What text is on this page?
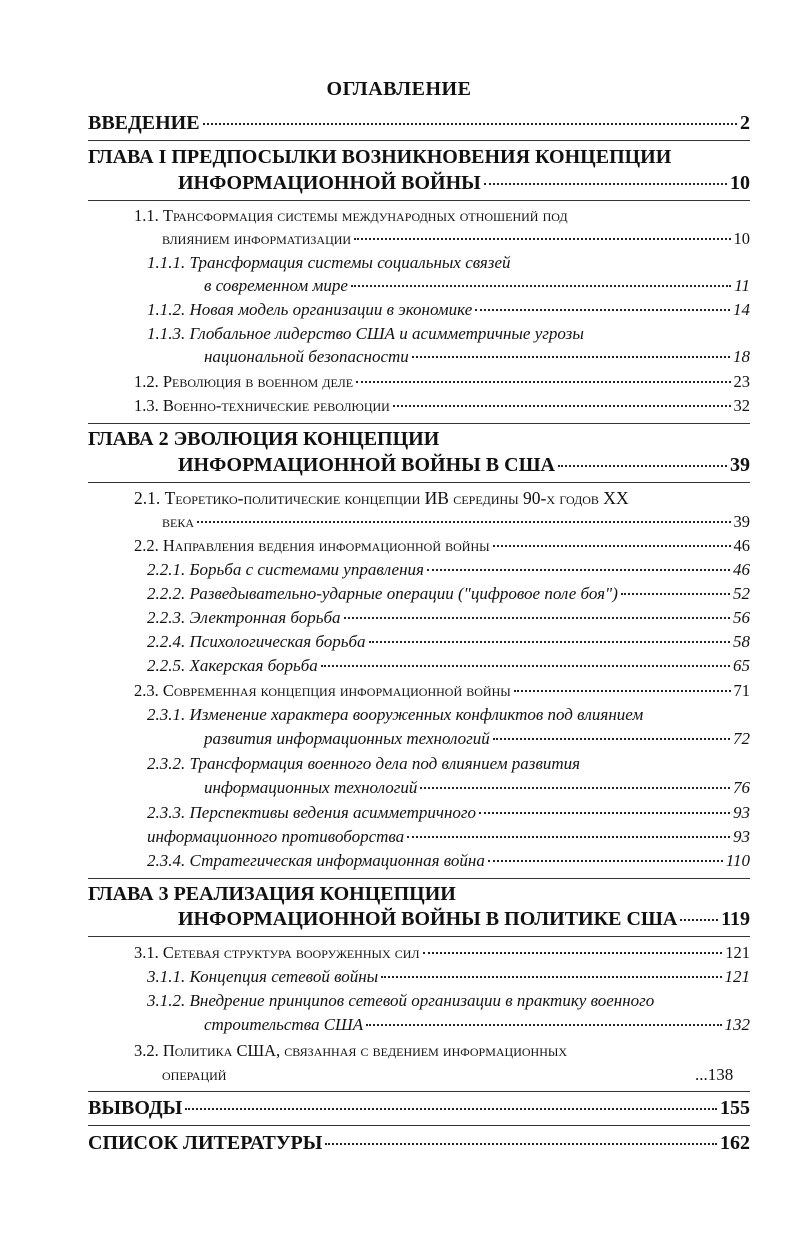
ОГЛАВЛЕНИЕ
ВВЕДЕНИЕ	2
ГЛАВА I ПРЕДПОСЫЛКИ ВОЗНИКНОВЕНИЯ КОНЦЕПЦИИ
ИНФОРМАЦИОННОЙ ВОЙНЫ	10
1.1. Трансформация системы международных отношений под
влиянием информатизации	10
1.1.1. Трансформация системы социальных связей
в современном мире	11
1.1.2. Новая модель организации в экономике	14
1.1.3. Глобальное лидерство США и асимметричные угрозы
национальной безопасности	18
1.2. Революция в военном деле	23
1.3. Военно-технические революции	32
ГЛАВА 2 ЭВОЛЮЦИЯ КОНЦЕПЦИИ
ИНФОРМАЦИОННОЙ ВОЙНЫ В США	39
2.1. Теоретико-политические концепции ИВ середины 90-х годов XX
века	39
2.2. Направления ведения информационной войны	46
2.2.1. Борьба с системами управления	46
2.2.2. Разведывательно-ударные операции ("цифровое поле боя")	52
2.2.3. Электронная борьба	56
2.2.4. Психологическая борьба	58
2.2.5. Хакерская борьба	65
2.3. Современная концепция информационной войны	71
2.3.1. Изменение характера вооруженных конфликтов под влиянием
развития информационных технологий	72
2.3.2. Трансформация военного дела под влиянием развития
информационных технологий	76
2.3.3. Перспективы ведения асимметричного	93
информационного противоборства	93
2.3.4. Стратегическая информационная война	110
ГЛАВА 3 РЕАЛИЗАЦИЯ КОНЦЕПЦИИ
ИНФОРМАЦИОННОЙ ВОЙНЫ В ПОЛИТИКЕ США 119
3.1. Сетевая структура вооруженных сил	121
3.1.1. Концепция сетевой войны	121
3.1.2. Внедрение принципов сетевой организации в практику военного
строительства США	132
3.2. Политика США, связанная с ведением информационных
операций	...138
ВЫВОДЫ	155
СПИСОК ЛИТЕРАТУРЫ	162
